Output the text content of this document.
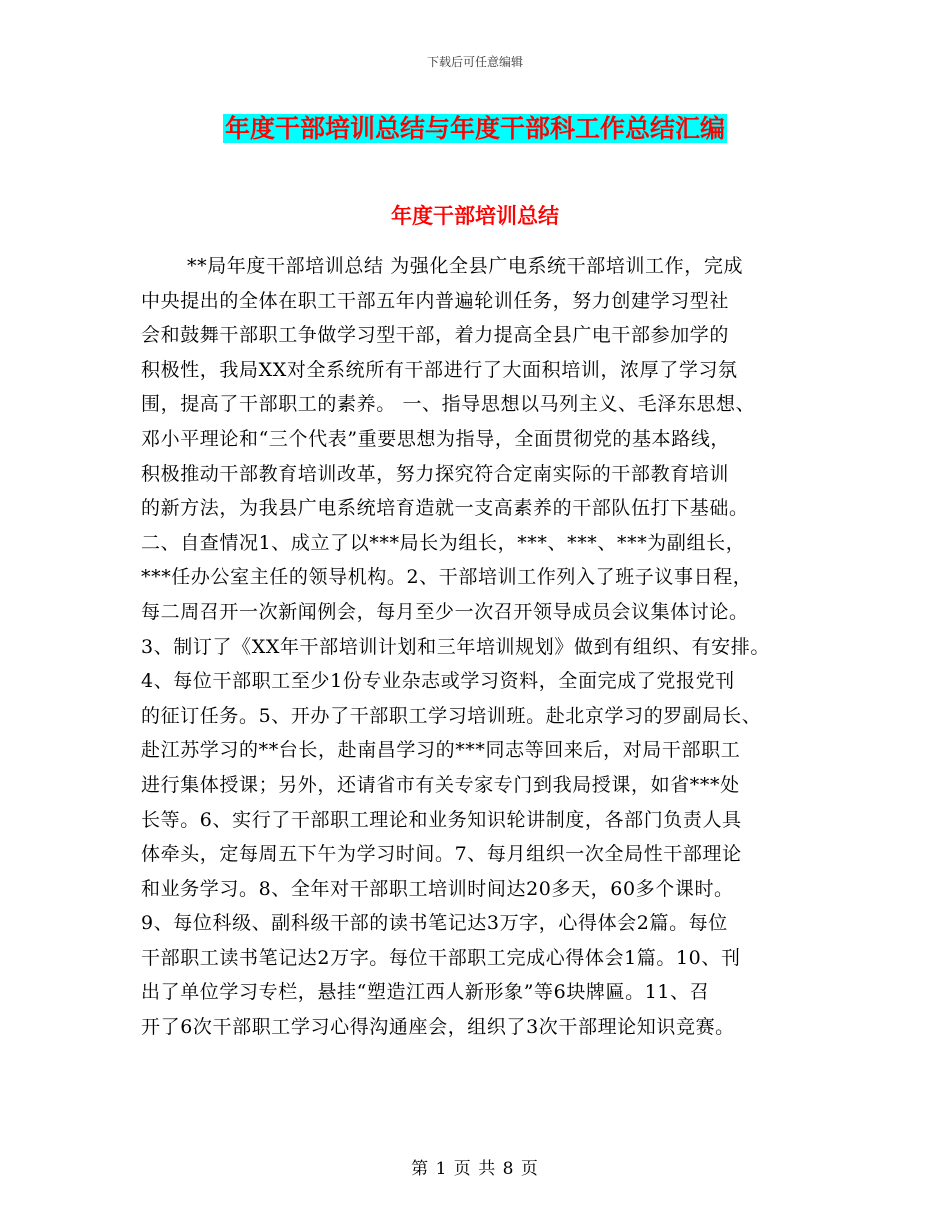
下载后可任意编辑
年度干部培训总结与年度干部科工作总结汇编
年度干部培训总结
**局年度干部培训总结 为强化全县广电系统干部培训工作，完成
中央提出的全体在职工干部五年内普遍轮训任务，努力创建学习型社
会和鼓舞干部职工争做学习型干部，着力提高全县广电干部参加学的
积极性，我局XX对全系统所有干部进行了大面积培训，浓厚了学习氛
围，提高了干部职工的素养。 一、指导思想以马列主义、毛泽东思想、
邓小平理论和“三个代表”重要思想为指导，全面贯彻党的基本路线，
积极推动干部教育培训改革，努力探究符合定南实际的干部教育培训
的新方法，为我县广电系统培育造就一支高素养的干部队伍打下基础。
二、自查情况1、成立了以***局长为组长，***、***、***为副组长，
***任办公室主任的领导机构。2、干部培训工作列入了班子议事日程，
每二周召开一次新闻例会，每月至少一次召开领导成员会议集体讨论。
3、制订了《XX年干部培训计划和三年培训规划》做到有组织、有安排。
4、每位干部职工至少1份专业杂志或学习资料，全面完成了党报党刊
的征订任务。5、开办了干部职工学习培训班。赴北京学习的罗副局长、
赴江苏学习的**台长，赴南昌学习的***同志等回来后，对局干部职工
进行集体授课；另外，还请省市有关专家专门到我局授课，如省***处
长等。6、实行了干部职工理论和业务知识轮讲制度，各部门负责人具
体牵头，定每周五下午为学习时间。7、每月组织一次全局性干部理论
和业务学习。8、全年对干部职工培训时间达20多天，60多个课时。
9、每位科级、副科级干部的读书笔记达3万字，心得体会2篇。每位
干部职工读书笔记达2万字。每位干部职工完成心得体会1篇。10、刊
出了单位学习专栏，悬挂“塑造江西人新形象”等6块牌匾。11、召
开了6次干部职工学习心得沟通座会，组织了3次干部理论知识竞赛。
第 1 页 共 8 页
